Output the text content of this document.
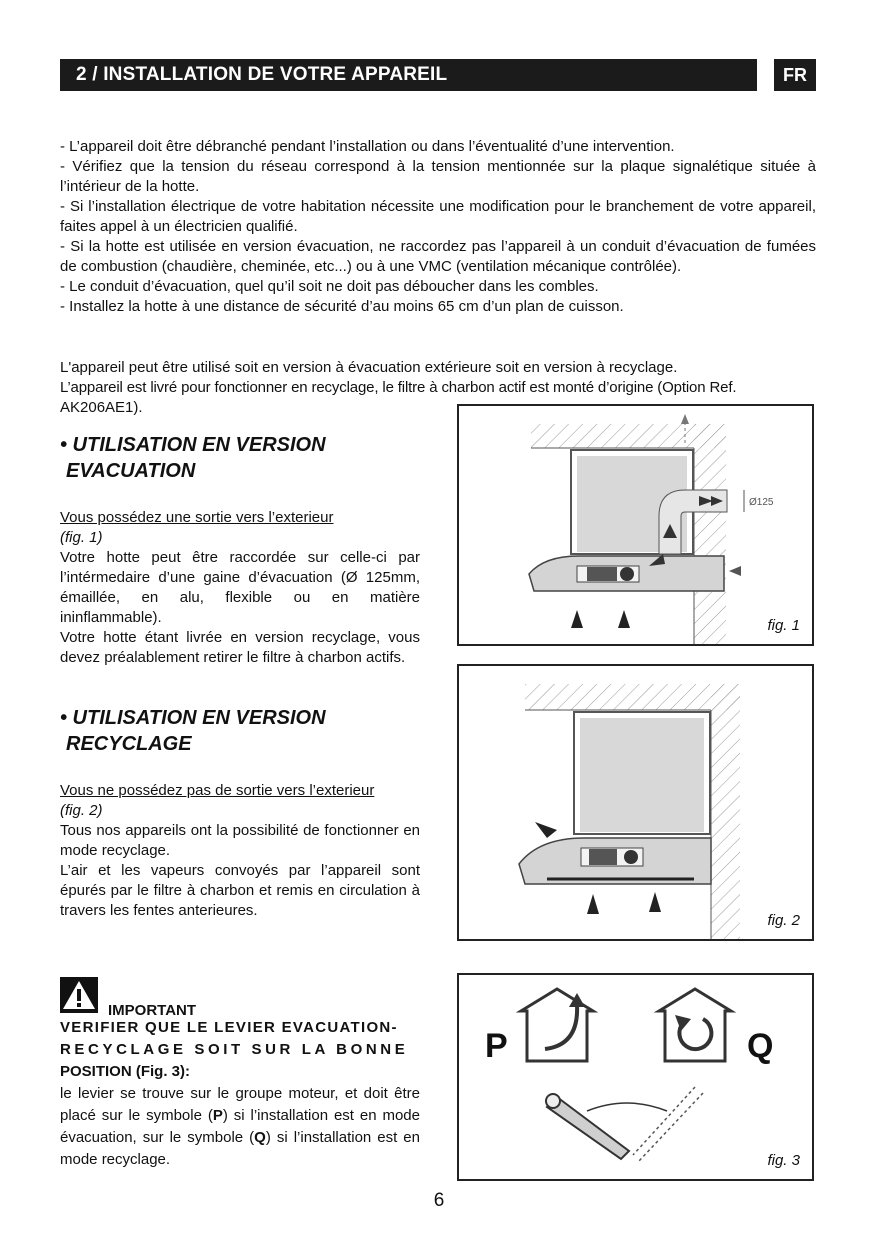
2 / INSTALLATION DE VOTRE APPAREIL	FR

- L’appareil doit être débranché pendant l’installation ou dans l’éventualité d’une intervention.

- Vérifiez que la tension du réseau correspond à la tension mentionnée sur la plaque signalétique située à l’intérieur de la hotte.

- Si l’installation électrique de votre habitation nécessite une modification pour le branchement de votre appareil, faites appel à un électricien qualifié.

- Si la hotte est utilisée en version évacuation, ne raccordez pas l’appareil à un conduit d’évacuation de fumées de combustion (chaudière, cheminée, etc...) ou à une VMC (ventilation mécanique contrôlée).

- Le conduit d’évacuation, quel qu’il soit ne doit pas déboucher dans les combles.

- Installez la hotte à une distance de sécurité d’au moins 65 cm d’un plan de cuisson.

L'appareil peut être utilisé soit en version à évacuation extérieure soit en version à recyclage.

L’appareil est livré pour fonctionner en recyclage, le filtre à charbon actif est monté d’origine (Option Ref.

AK206AE1).

• UTILISATION EN VERSION
EVACUATION
Vous possédez une sortie vers l’exterieur
(fig. 1)

Votre hotte peut être raccordée sur celle-ci par l’intérmedaire d’une gaine d’évacuation (Ø 125mm, émaillée, en alu, flexible ou en matière ininflammable).

Votre hotte étant livrée en version recyclage, vous devez préalablement retirer le filtre à charbon actifs.

• UTILISATION EN VERSION
RECYCLAGE
Vous ne possédez pas de sortie vers l’exterieur
(fig. 2)

Tous nos appareils ont la possibilité de fonctionner en mode recyclage.

L’air et les vapeurs convoyés par l’appareil sont épurés par le filtre à charbon et remis en circulation à travers les fentes anterieures.

IMPORTANT
VERIFIER QUE LE LEVIER EVACUATION-
RECYCLAGE SOIT SUR LA BONNE
POSITION (Fig. 3):

le levier se trouve sur le groupe moteur, et doit être placé sur le symbole (P) si l’installation est en mode évacuation, sur le symbole (Q) si l’installation est en mode recyclage.

Ø125
fig. 1
fig. 2
P	Q
fig. 3
6
